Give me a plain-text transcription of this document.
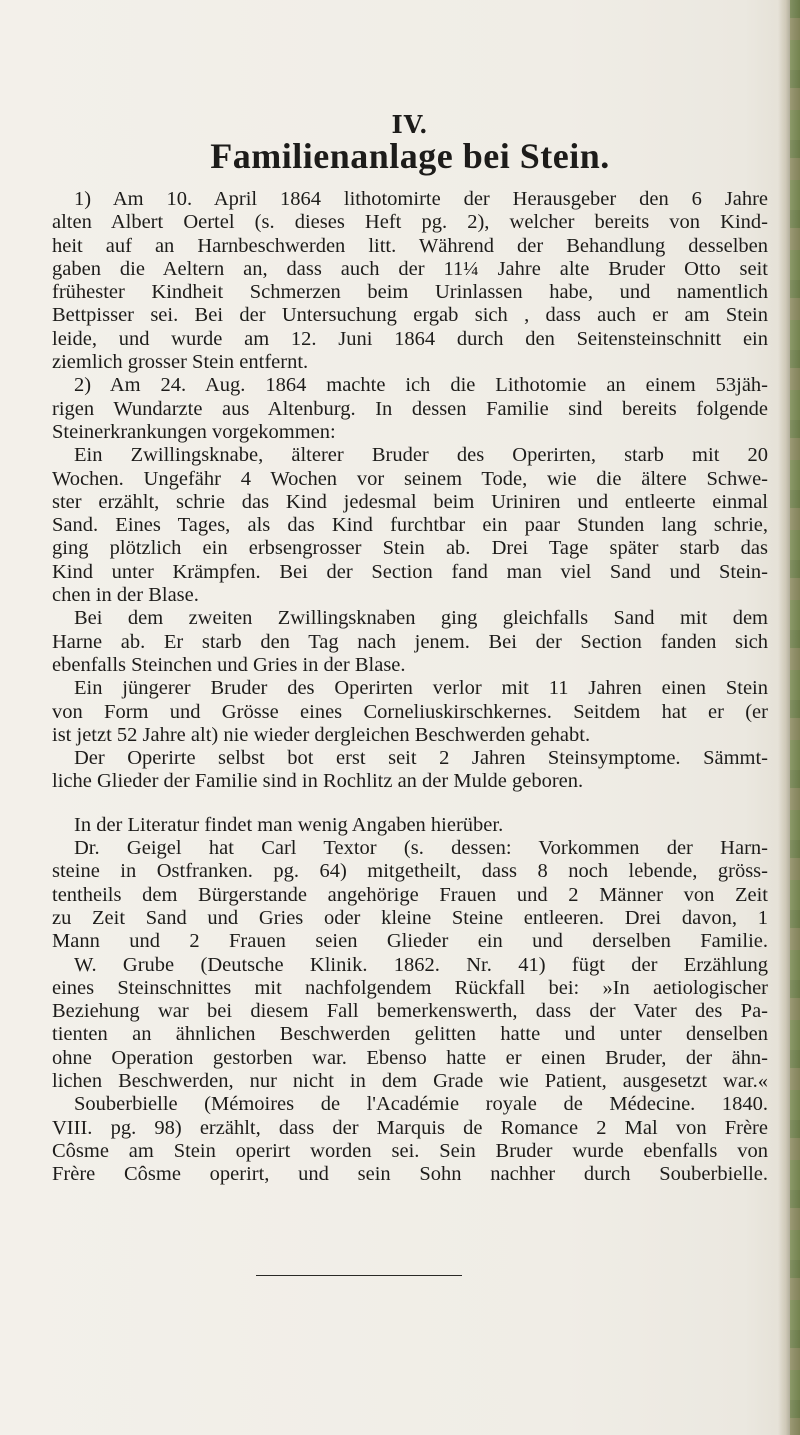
IV.
Familienanlage bei Stein.
1) Am 10. April 1864 lithotomirte der Herausgeber den 6 Jahre
alten Albert Oertel (s. dieses Heft pg. 2), welcher bereits von Kind-
heit auf an Harnbeschwerden litt. Während der Behandlung desselben
gaben die Aeltern an, dass auch der 11¼ Jahre alte Bruder Otto seit
frühester Kindheit Schmerzen beim Urinlassen habe, und namentlich
Bettpisser sei. Bei der Untersuchung ergab sich , dass auch er am Stein
leide, und wurde am 12. Juni 1864 durch den Seitensteinschnitt ein
ziemlich grosser Stein entfernt.
2) Am 24. Aug. 1864 machte ich die Lithotomie an einem 53jäh-
rigen Wundarzte aus Altenburg. In dessen Familie sind bereits folgende
Steinerkrankungen vorgekommen:
Ein Zwillingsknabe, älterer Bruder des Operirten, starb mit 20
Wochen. Ungefähr 4 Wochen vor seinem Tode, wie die ältere Schwe-
ster erzählt, schrie das Kind jedesmal beim Uriniren und entleerte einmal
Sand. Eines Tages, als das Kind furchtbar ein paar Stunden lang schrie,
ging plötzlich ein erbsengrosser Stein ab. Drei Tage später starb das
Kind unter Krämpfen. Bei der Section fand man viel Sand und Stein-
chen in der Blase.
Bei dem zweiten Zwillingsknaben ging gleichfalls Sand mit dem
Harne ab. Er starb den Tag nach jenem. Bei der Section fanden sich
ebenfalls Steinchen und Gries in der Blase.
Ein jüngerer Bruder des Operirten verlor mit 11 Jahren einen Stein
von Form und Grösse eines Corneliuskirschkernes. Seitdem hat er (er
ist jetzt 52 Jahre alt) nie wieder dergleichen Beschwerden gehabt.
Der Operirte selbst bot erst seit 2 Jahren Steinsymptome. Sämmt-
liche Glieder der Familie sind in Rochlitz an der Mulde geboren.
In der Literatur findet man wenig Angaben hierüber.
Dr. Geigel hat Carl Textor (s. dessen: Vorkommen der Harn-
steine in Ostfranken. pg. 64) mitgetheilt, dass 8 noch lebende, gröss-
tentheils dem Bürgerstande angehörige Frauen und 2 Männer von Zeit
zu Zeit Sand und Gries oder kleine Steine entleeren. Drei davon, 1
Mann und 2 Frauen seien Glieder ein und derselben Familie.
W. Grube (Deutsche Klinik. 1862. Nr. 41) fügt der Erzählung
eines Steinschnittes mit nachfolgendem Rückfall bei: »In aetiologischer
Beziehung war bei diesem Fall bemerkenswerth, dass der Vater des Pa-
tienten an ähnlichen Beschwerden gelitten hatte und unter denselben
ohne Operation gestorben war. Ebenso hatte er einen Bruder, der ähn-
lichen Beschwerden, nur nicht in dem Grade wie Patient, ausgesetzt war.«
Souberbielle (Mémoires de l'Académie royale de Médecine. 1840.
VIII. pg. 98) erzählt, dass der Marquis de Romance 2 Mal von Frère
Côsme am Stein operirt worden sei. Sein Bruder wurde ebenfalls von
Frère Côsme operirt, und sein Sohn nachher durch Souberbielle.
